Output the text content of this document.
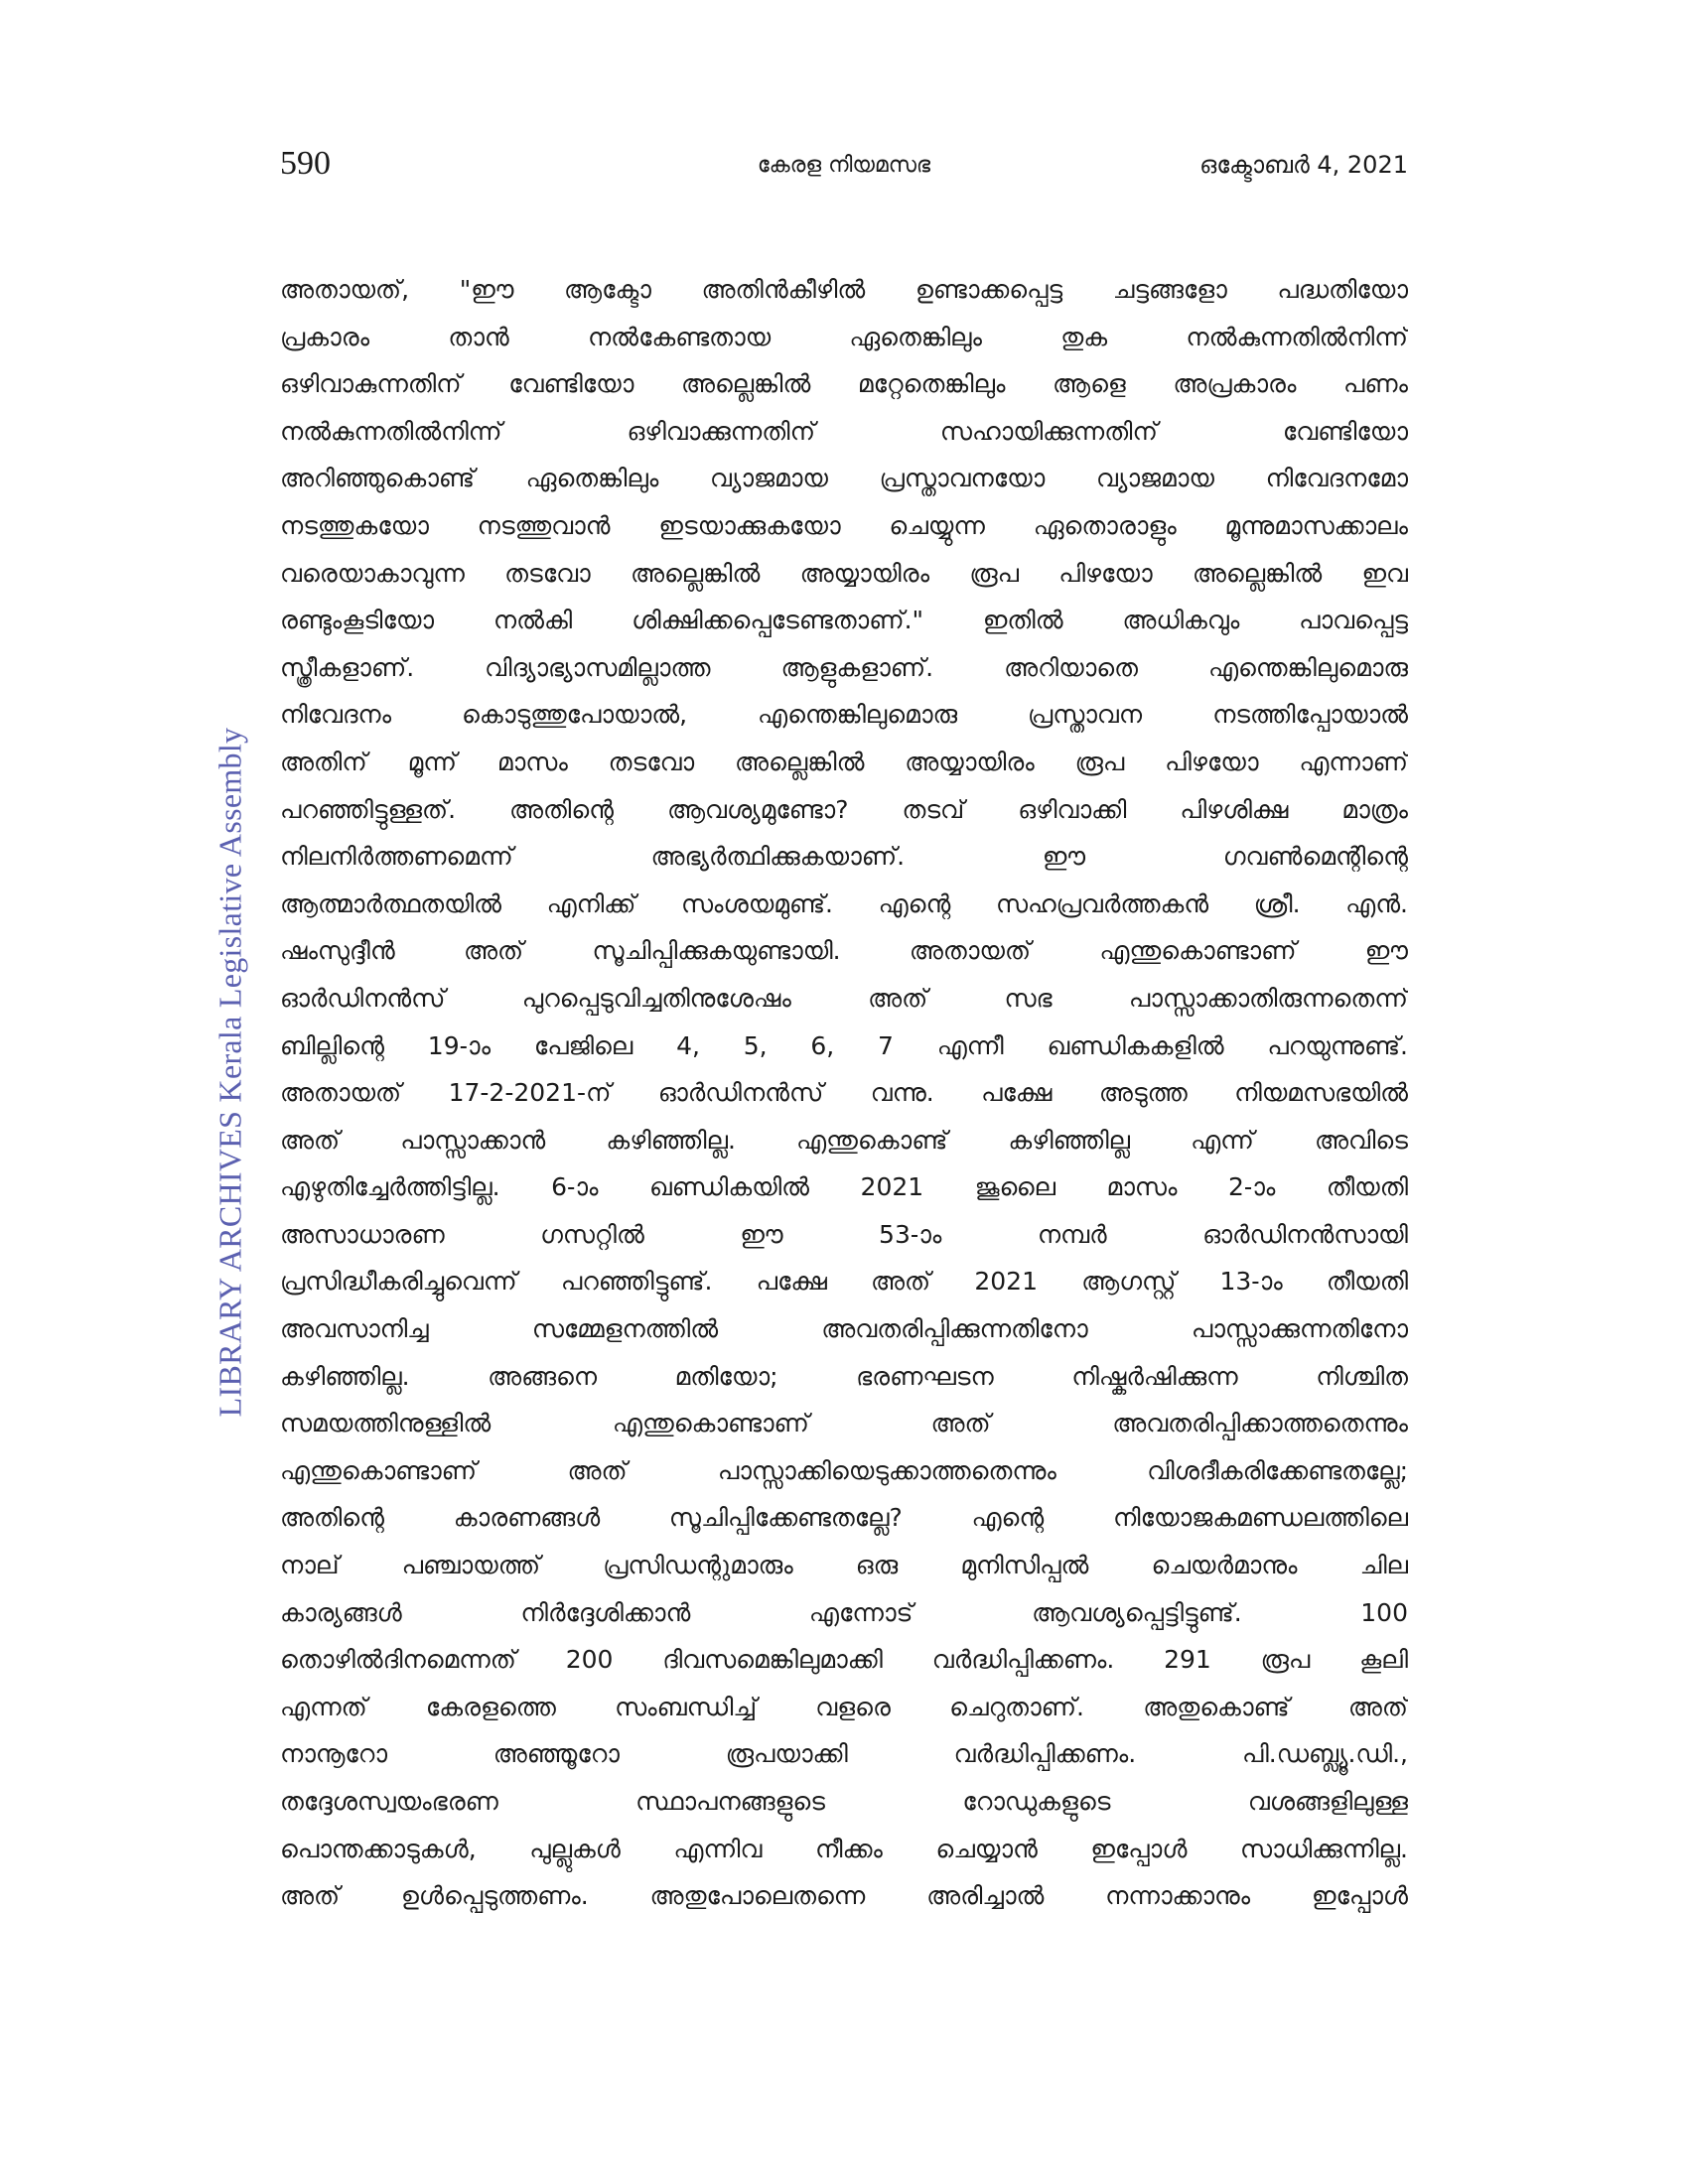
590	കേരള നിയമസഭ	ഒക്ടോബർ 4, 2021
LIBRARY ARCHIVES Kerala Legislative Assembly
അതായത്, "ഈ ആക്ടോ അതിൻകീഴിൽ ഉണ്ടാക്കപ്പെട്ട ചട്ടങ്ങളോ പദ്ധതിയോ
പ്രകാരം താൻ നൽകേണ്ടതായ ഏതെങ്കിലും തുക നൽകുന്നതിൽനിന്ന്
ഒഴിവാകുന്നതിന് വേണ്ടിയോ അല്ലെങ്കിൽ മറ്റേതെങ്കിലും ആളെ അപ്രകാരം പണം
നൽകുന്നതിൽനിന്ന് ഒഴിവാക്കുന്നതിന് സഹായിക്കുന്നതിന് വേണ്ടിയോ
അറിഞ്ഞുകൊണ്ട് ഏതെങ്കിലും വ്യാജമായ പ്രസ്താവനയോ വ്യാജമായ നിവേദനമോ
നടത്തുകയോ നടത്തുവാൻ ഇടയാക്കുകയോ ചെയ്യുന്ന ഏതൊരാളും മൂന്നുമാസക്കാലം
വരെയാകാവുന്ന തടവോ അല്ലെങ്കിൽ അയ്യായിരം രൂപ പിഴയോ അല്ലെങ്കിൽ ഇവ
രണ്ടുംകൂടിയോ നൽകി ശിക്ഷിക്കപ്പെടേണ്ടതാണ്." ഇതിൽ അധികവും പാവപ്പെട്ട
സ്ത്രീകളാണ്. വിദ്യാഭ്യാസമില്ലാത്ത ആളുകളാണ്. അറിയാതെ എന്തെങ്കിലുമൊരു
നിവേദനം കൊടുത്തുപോയാൽ, എന്തെങ്കിലുമൊരു പ്രസ്താവന നടത്തിപ്പോയാൽ
അതിന് മൂന്ന് മാസം തടവോ അല്ലെങ്കിൽ അയ്യായിരം രൂപ പിഴയോ എന്നാണ്
പറഞ്ഞിട്ടുള്ളത്. അതിന്റെ ആവശ്യമുണ്ടോ? തടവ് ഒഴിവാക്കി പിഴശിക്ഷ മാത്രം
നിലനിർത്തണമെന്ന് അഭ്യർത്ഥിക്കുകയാണ്. ഈ ഗവൺമെന്റിന്റെ
ആത്മാർത്ഥതയിൽ എനിക്ക് സംശയമുണ്ട്. എന്റെ സഹപ്രവർത്തകൻ ശ്രീ. എൻ.
ഷംസുദ്ദീൻ അത് സൂചിപ്പിക്കുകയുണ്ടായി. അതായത് എന്തുകൊണ്ടാണ് ഈ
ഓർഡിനൻസ് പുറപ്പെടുവിച്ചതിനുശേഷം അത് സഭ പാസ്സാക്കാതിരുന്നതെന്ന്
ബില്ലിന്റെ 19-ാം പേജിലെ 4, 5, 6, 7 എന്നീ ഖണ്ഡികകളിൽ പറയുന്നുണ്ട്.
അതായത് 17-2-2021-ന് ഓർഡിനൻസ് വന്നു. പക്ഷേ അടുത്ത നിയമസഭയിൽ
അത് പാസ്സാക്കാൻ കഴിഞ്ഞില്ല. എന്തുകൊണ്ട് കഴിഞ്ഞില്ല എന്ന് അവിടെ
എഴുതിച്ചേർത്തിട്ടില്ല. 6-ാം ഖണ്ഡികയിൽ 2021 ജൂലൈ മാസം 2-ാം തീയതി
അസാധാരണ ഗസറ്റിൽ ഈ 53-ാം നമ്പർ ഓർഡിനൻസായി
പ്രസിദ്ധീകരിച്ചുവെന്ന് പറഞ്ഞിട്ടുണ്ട്. പക്ഷേ അത് 2021 ആഗസ്റ്റ് 13-ാം തീയതി
അവസാനിച്ച സമ്മേളനത്തിൽ അവതരിപ്പിക്കുന്നതിനോ പാസ്സാക്കുന്നതിനോ
കഴിഞ്ഞില്ല. അങ്ങനെ മതിയോ; ഭരണഘടന നിഷ്കർഷിക്കുന്ന നിശ്ചിത
സമയത്തിനുള്ളിൽ എന്തുകൊണ്ടാണ് അത് അവതരിപ്പിക്കാത്തതെന്നും
എന്തുകൊണ്ടാണ് അത് പാസ്സാക്കിയെടുക്കാത്തതെന്നും വിശദീകരിക്കേണ്ടതല്ലേ;
അതിന്റെ കാരണങ്ങൾ സൂചിപ്പിക്കേണ്ടതല്ലേ? എന്റെ നിയോജകമണ്ഡലത്തിലെ
നാല് പഞ്ചായത്ത് പ്രസിഡന്റുമാരും ഒരു മുനിസിപ്പൽ ചെയർമാനും ചില
കാര്യങ്ങൾ നിർദ്ദേശിക്കാൻ എന്നോട് ആവശ്യപ്പെട്ടിട്ടുണ്ട്. 100
തൊഴിൽദിനമെന്നത് 200 ദിവസമെങ്കിലുമാക്കി വർദ്ധിപ്പിക്കണം. 291 രൂപ കൂലി
എന്നത് കേരളത്തെ സംബന്ധിച്ച് വളരെ ചെറുതാണ്. അതുകൊണ്ട് അത്
നാനൂറോ അഞ്ഞൂറോ രൂപയാക്കി വർദ്ധിപ്പിക്കണം. പി.ഡബ്ല്യൂ.ഡി.,
തദ്ദേശസ്വയംഭരണ സ്ഥാപനങ്ങളുടെ റോഡുകളുടെ വശങ്ങളിലുള്ള
പൊന്തക്കാടുകൾ, പുല്ലുകൾ എന്നിവ നീക്കം ചെയ്യാൻ ഇപ്പോൾ സാധിക്കുന്നില്ല.
അത് ഉൾപ്പെടുത്തണം. അതുപോലെതന്നെ അരിച്ചാൽ നന്നാക്കാനും ഇപ്പോൾ
